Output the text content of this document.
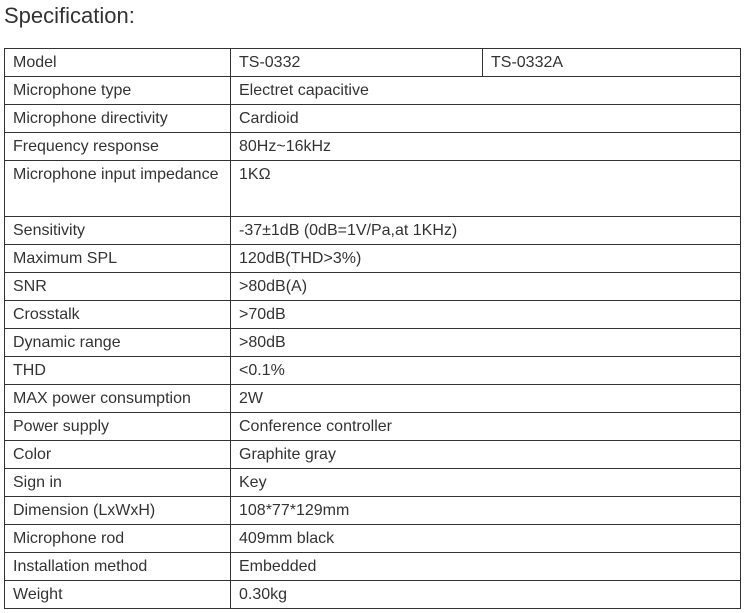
Specification:
Model	TS-0332	TS-0332A
Microphone type	Electret capacitive	
Microphone directivity	Cardioid	
Frequency response	80Hz~16kHz	
Microphone input impedance	1KΩ	
Sensitivity	-37±1dB (0dB=1V/Pa,at 1KHz)	
Maximum SPL	120dB(THD>3%)	
SNR	>80dB(A)	
Crosstalk	>70dB	
Dynamic range	>80dB	
THD	<0.1%	
MAX power consumption	2W	
Power supply	Conference controller	
Color	Graphite gray	
Sign in	Key	
Dimension (LxWxH)	108*77*129mm	
Microphone rod	409mm black	
Installation method	Embedded	
Weight	0.30kg	
